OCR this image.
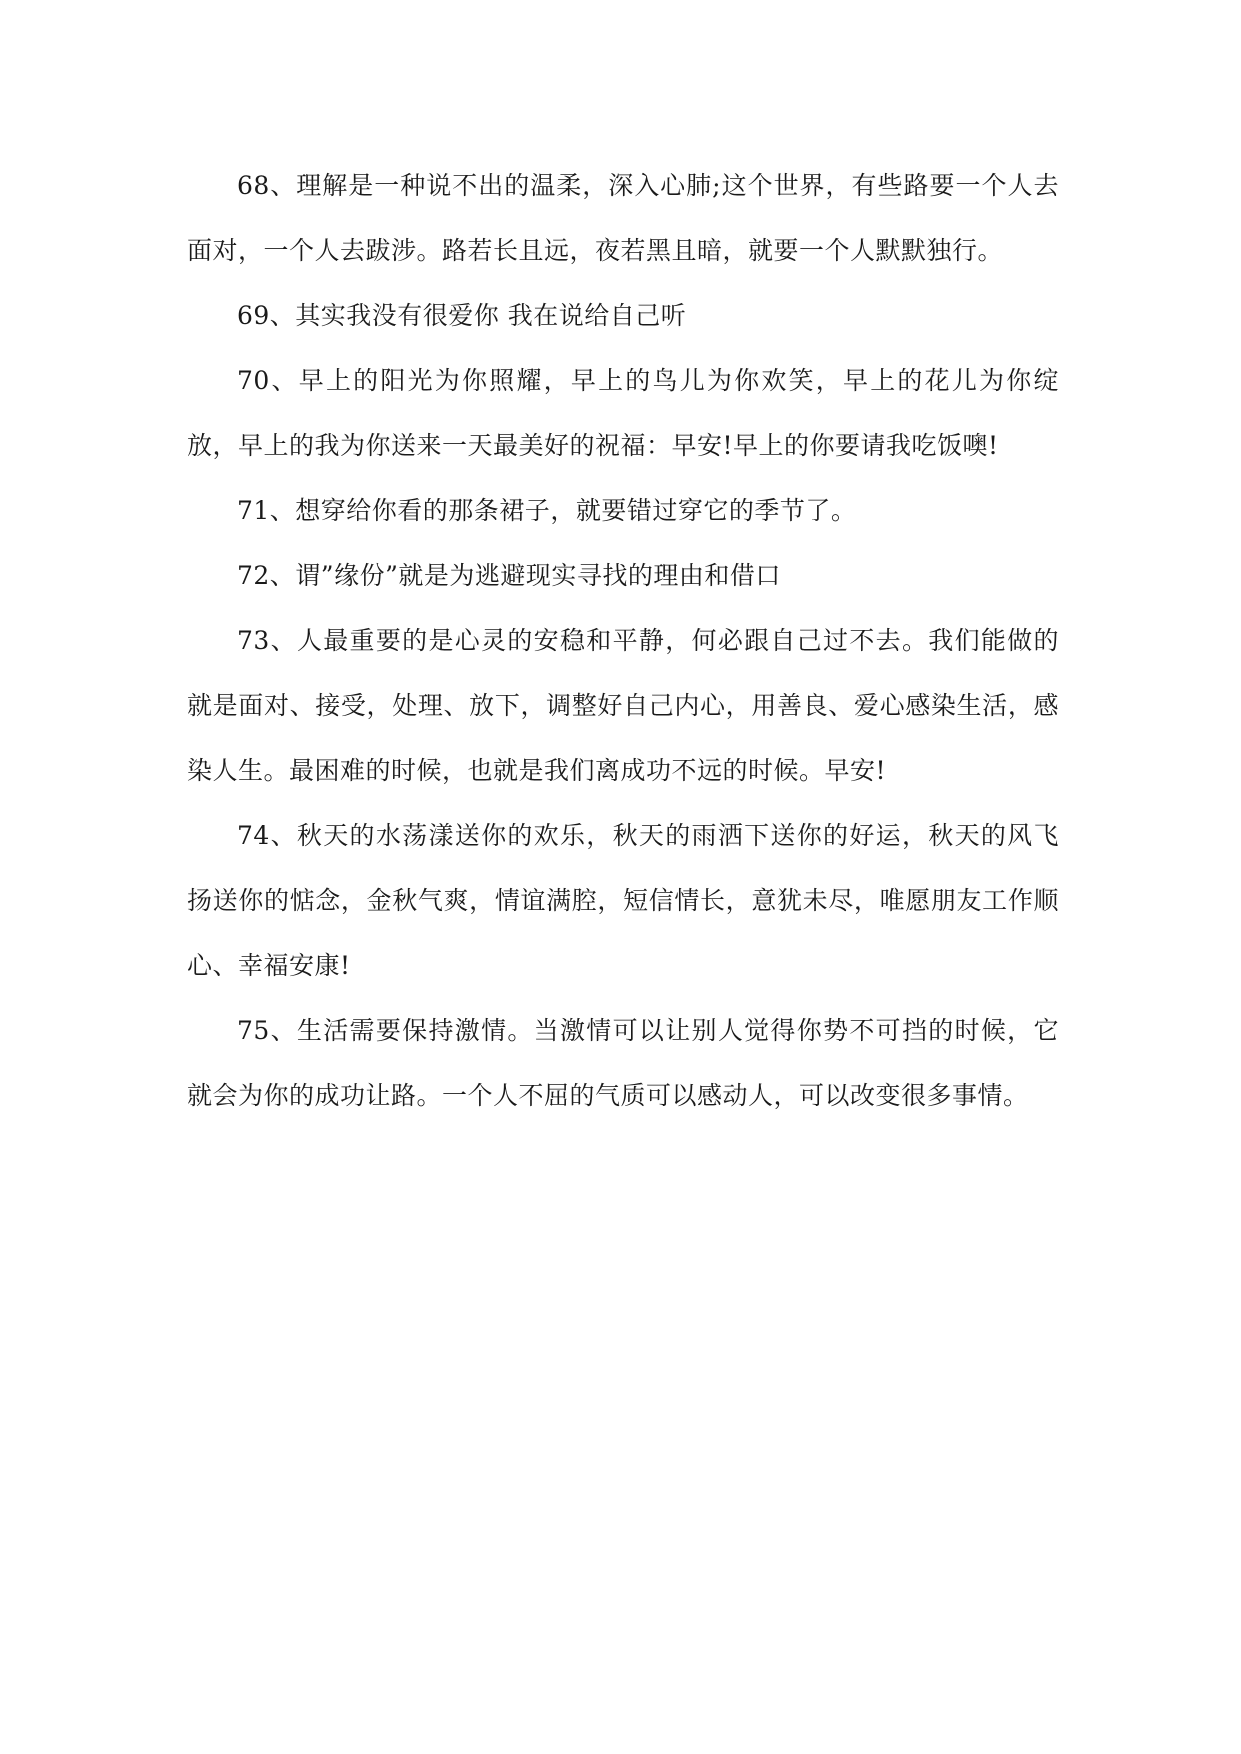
68、理解是一种说不出的温柔，深入心肺;这个世界，有些路要一个人去面对，一个人去跋涉。路若长且远，夜若黑且暗，就要一个人默默独行。

69、其实我没有很爱你 我在说给自己听

70、早上的阳光为你照耀，早上的鸟儿为你欢笑，早上的花儿为你绽放，早上的我为你送来一天最美好的祝福：早安!早上的你要请我吃饭噢!

71、想穿给你看的那条裙子，就要错过穿它的季节了。

72、谓”缘份”就是为逃避现实寻找的理由和借口

73、人最重要的是心灵的安稳和平静，何必跟自己过不去。我们能做的就是面对、接受，处理、放下，调整好自己内心，用善良、爱心感染生活，感染人生。最困难的时候，也就是我们离成功不远的时候。早安!

74、秋天的水荡漾送你的欢乐，秋天的雨洒下送你的好运，秋天的风飞扬送你的惦念，金秋气爽，情谊满腔，短信情长，意犹未尽，唯愿朋友工作顺心、幸福安康!

75、生活需要保持激情。当激情可以让别人觉得你势不可挡的时候，它就会为你的成功让路。一个人不屈的气质可以感动人，可以改变很多事情。
